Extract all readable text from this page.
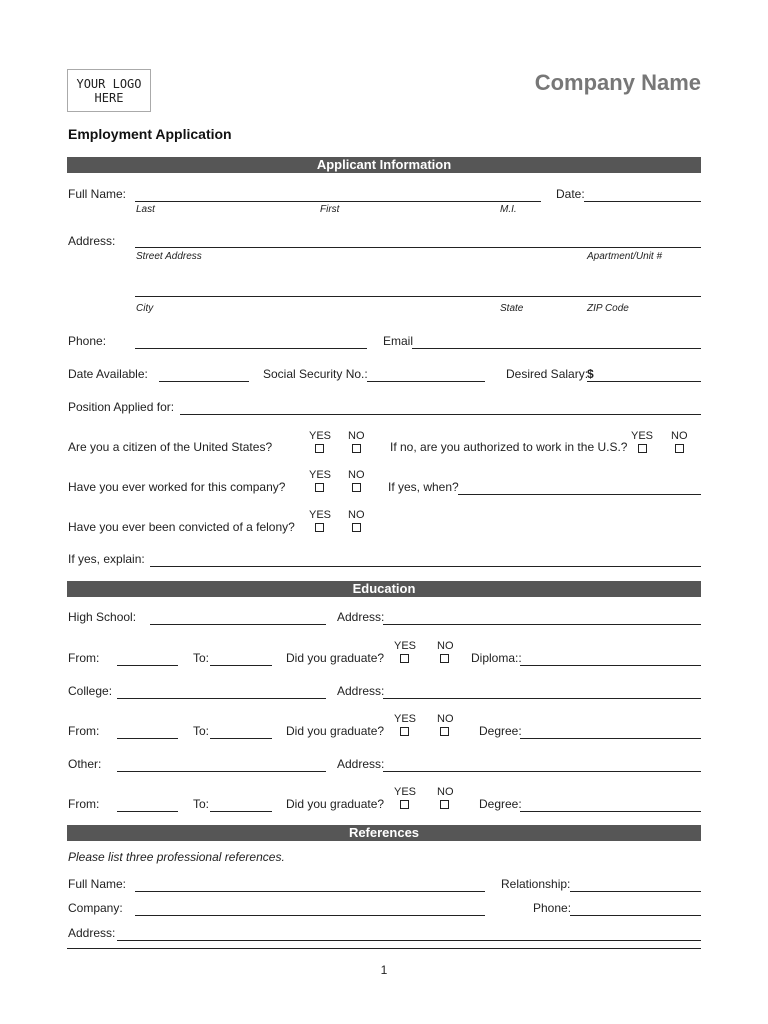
YOUR LOGO HERE
Company Name
Employment Application
Applicant Information
Full Name:
Last	First	M.I.
Date:
Address:
Street Address	Apartment/Unit #
City	State	ZIP Code
Phone:	Email
Date Available:	Social Security No.:	Desired Salary:
$
Position Applied for:
YES NO
Are you a citizen of the United States?
YES NO
If no, are you authorized to work in the U.S.?
YES NO
Have you ever worked for this company?	If yes, when?
YES NO
Have you ever been convicted of a felony?
If yes, explain:
Education
High School:	Address:
YES NO
From:	To:	Did you graduate?	Diploma::
College:	Address:
YES NO
From:	To:	Did you graduate?	Degree:
Other:	Address:
YES NO
From:	To:	Did you graduate?	Degree:
References
Please list three professional references.
Full Name:	Relationship:
Company:	Phone:
Address:
1
